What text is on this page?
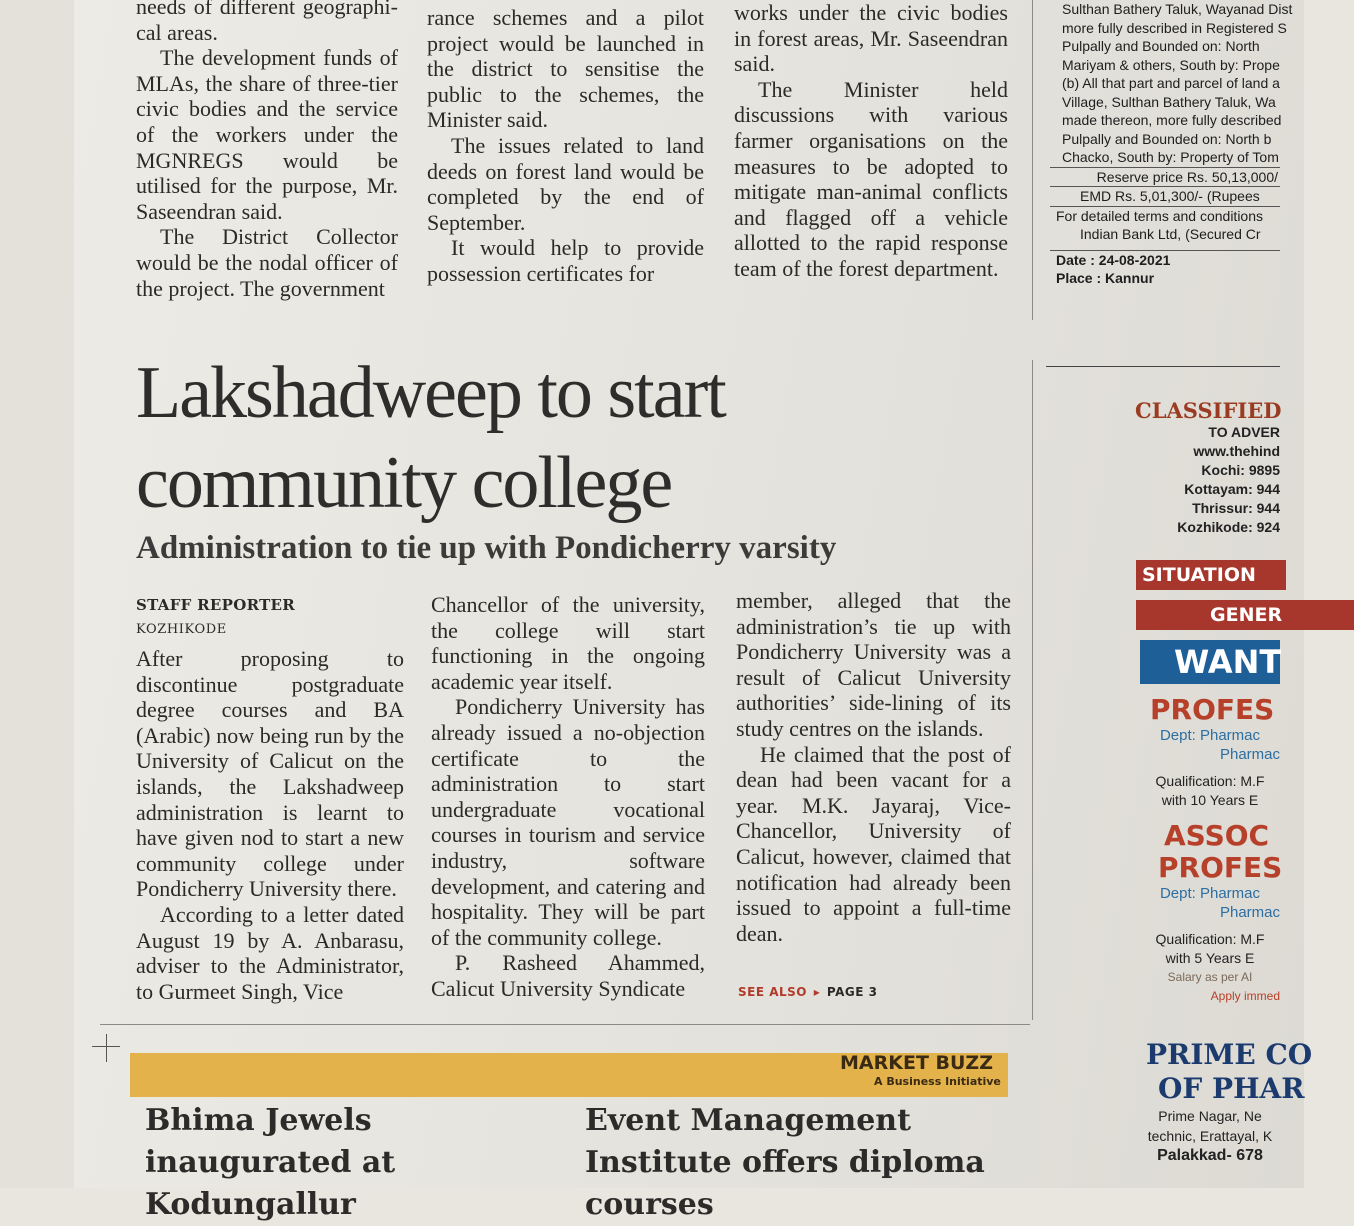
needs of different geographi-cal areas.

The development funds of MLAs, the share of three-tier civic bodies and the service of the workers under the MGNREGS would be utilised for the purpose, Mr. Saseendran said.

The District Collector would be the nodal officer of the project. The government

rance schemes and a pilot project would be launched in the district to sensitise the public to the schemes, the Minister said.

The issues related to land deeds on forest land would be completed by the end of September.

It would help to provide possession certificates for

works under the civic bodies in forest areas, Mr. Saseendran said.

The Minister held discussions with various farmer organisations on the measures to be adopted to mitigate man-animal conflicts and flagged off a vehicle allotted to the rapid response team of the forest department.

Lakshadweep to start
community college
Administration to tie up with Pondicherry varsity
STAFF REPORTER
KOZHIKODE

After proposing to discontinue postgraduate degree courses and BA (Arabic) now being run by the University of Calicut on the islands, the Lakshadweep administration is learnt to have given nod to start a new community college under Pondicherry University there.

According to a letter dated August 19 by A. Anbarasu, adviser to the Administrator, to Gurmeet Singh, Vice

Chancellor of the university, the college will start functioning in the ongoing academic year itself.

Pondicherry University has already issued a no-objection certificate to the administration to start undergraduate vocational courses in tourism and service industry, software development, and catering and hospitality. They will be part of the community college.

P. Rasheed Ahammed, Calicut University Syndicate

member, alleged that the administration’s tie up with Pondicherry University was a result of Calicut University authorities’ side-lining of its study centres on the islands.

He claimed that the post of dean had been vacant for a year. M.K. Jayaraj, Vice-Chancellor, University of Calicut, however, claimed that notification had already been issued to appoint a full-time dean.

SEE ALSO ▸ PAGE 3
MARKET BUZZ
A Business Initiative
Bhima Jewels inaugurated at Kodungallur
Event Management Institute offers diploma courses
Sulthan Bathery Taluk, Wayanad Dist
more fully described in Registered S
Pulpally and Bounded on: North
Mariyam & others, South by: Prope
(b) All that part and parcel of land a
Village, Sulthan Bathery Taluk, Wa
made thereon, more fully described
Pulpally and Bounded on: North b
Chacko, South by: Property of Tom
Reserve price Rs. 50,13,000/
EMD Rs. 5,01,300/- (Rupees
For detailed terms and conditions
Indian Bank Ltd, (Secured Cr
Date : 24-08-2021
Place : Kannur
CLASSIFIED
TO ADVER
www.thehind
Kochi: 9895
Kottayam: 944
Thrissur: 944
Kozhikode: 924
SITUATION
GENER
WANT
PROFES
Dept: Pharmac
Pharmac
Qualification: M.F
with 10 Years E
ASSOC
PROFES
Dept: Pharmac
Pharmac
Qualification: M.F
with 5 Years E
Salary as per AI
Apply immed
PRIME CO
OF PHAR
Prime Nagar, Ne
technic, Erattayal, K
Palakkad- 678
